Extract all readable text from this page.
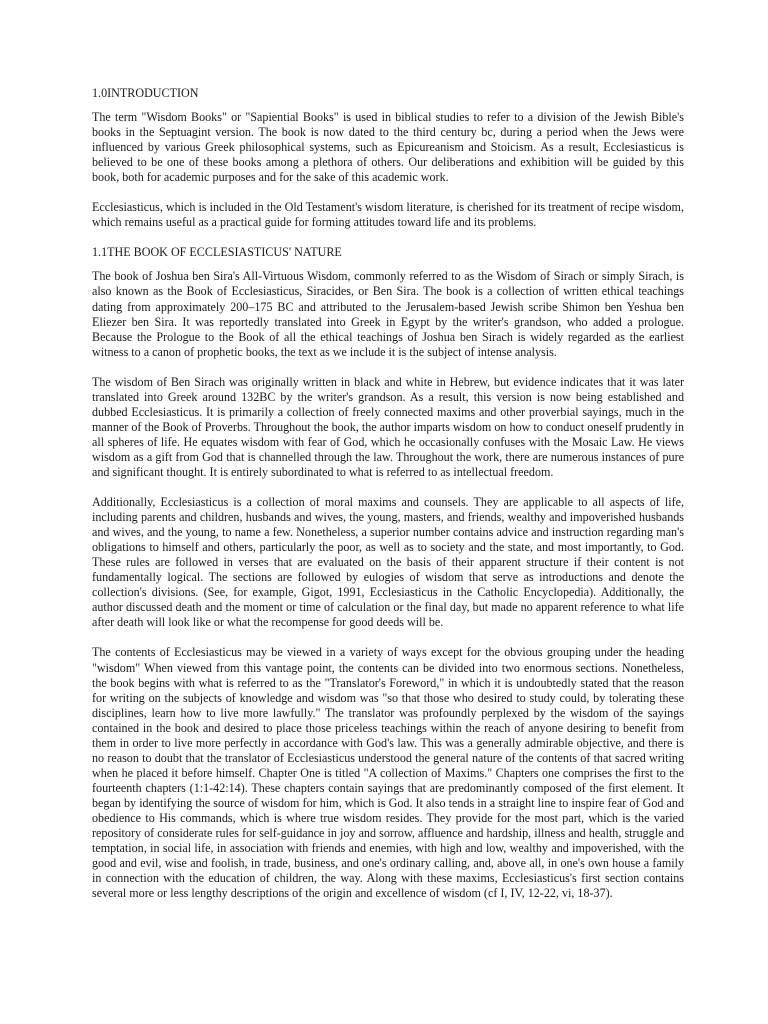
1.0INTRODUCTION

The term "Wisdom Books" or "Sapiential Books" is used in biblical studies to refer to a division of the Jewish Bible's books in the Septuagint version. The book is now dated to the third century bc, during a period when the Jews were influenced by various Greek philosophical systems, such as Epicureanism and Stoicism. As a result, Ecclesiasticus is believed to be one of these books among a plethora of others. Our deliberations and exhibition will be guided by this book, both for academic purposes and for the sake of this academic work.

Ecclesiasticus, which is included in the Old Testament's wisdom literature, is cherished for its treatment of recipe wisdom, which remains useful as a practical guide for forming attitudes toward life and its problems.

1.1THE BOOK OF ECCLESIASTICUS' NATURE

The book of Joshua ben Sira's All-Virtuous Wisdom, commonly referred to as the Wisdom of Sirach or simply Sirach, is also known as the Book of Ecclesiasticus, Siracides, or Ben Sira. The book is a collection of written ethical teachings dating from approximately 200–175 BC and attributed to the Jerusalem-based Jewish scribe Shimon ben Yeshua ben Eliezer ben Sira. It was reportedly translated into Greek in Egypt by the writer's grandson, who added a prologue. Because the Prologue to the Book of all the ethical teachings of Joshua ben Sirach is widely regarded as the earliest witness to a canon of prophetic books, the text as we include it is the subject of intense analysis.

The wisdom of Ben Sirach was originally written in black and white in Hebrew, but evidence indicates that it was later translated into Greek around 132BC by the writer's grandson. As a result, this version is now being established and dubbed Ecclesiasticus. It is primarily a collection of freely connected maxims and other proverbial sayings, much in the manner of the Book of Proverbs. Throughout the book, the author imparts wisdom on how to conduct oneself prudently in all spheres of life. He equates wisdom with fear of God, which he occasionally confuses with the Mosaic Law. He views wisdom as a gift from God that is channelled through the law. Throughout the work, there are numerous instances of pure and significant thought. It is entirely subordinated to what is referred to as intellectual freedom.

Additionally, Ecclesiasticus is a collection of moral maxims and counsels. They are applicable to all aspects of life, including parents and children, husbands and wives, the young, masters, and friends, wealthy and impoverished husbands and wives, and the young, to name a few. Nonetheless, a superior number contains advice and instruction regarding man's obligations to himself and others, particularly the poor, as well as to society and the state, and most importantly, to God. These rules are followed in verses that are evaluated on the basis of their apparent structure if their content is not fundamentally logical. The sections are followed by eulogies of wisdom that serve as introductions and denote the collection's divisions. (See, for example, Gigot, 1991, Ecclesiasticus in the Catholic Encyclopedia). Additionally, the author discussed death and the moment or time of calculation or the final day, but made no apparent reference to what life after death will look like or what the recompense for good deeds will be.

The contents of Ecclesiasticus may be viewed in a variety of ways except for the obvious grouping under the heading "wisdom" When viewed from this vantage point, the contents can be divided into two enormous sections. Nonetheless, the book begins with what is referred to as the "Translator's Foreword," in which it is undoubtedly stated that the reason for writing on the subjects of knowledge and wisdom was "so that those who desired to study could, by tolerating these disciplines, learn how to live more lawfully." The translator was profoundly perplexed by the wisdom of the sayings contained in the book and desired to place those priceless teachings within the reach of anyone desiring to benefit from them in order to live more perfectly in accordance with God's law. This was a generally admirable objective, and there is no reason to doubt that the translator of Ecclesiasticus understood the general nature of the contents of that sacred writing when he placed it before himself. Chapter One is titled "A collection of Maxims." Chapters one comprises the first to the fourteenth chapters (1:1-42:14). These chapters contain sayings that are predominantly composed of the first element. It began by identifying the source of wisdom for him, which is God. It also tends in a straight line to inspire fear of God and obedience to His commands, which is where true wisdom resides. They provide for the most part, which is the varied repository of considerate rules for self-guidance in joy and sorrow, affluence and hardship, illness and health, struggle and temptation, in social life, in association with friends and enemies, with high and low, wealthy and impoverished, with the good and evil, wise and foolish, in trade, business, and one's ordinary calling, and, above all, in one's own house a family in connection with the education of children, the way. Along with these maxims, Ecclesiasticus's first section contains several more or less lengthy descriptions of the origin and excellence of wisdom (cf I, IV, 12-22, vi, 18-37).
